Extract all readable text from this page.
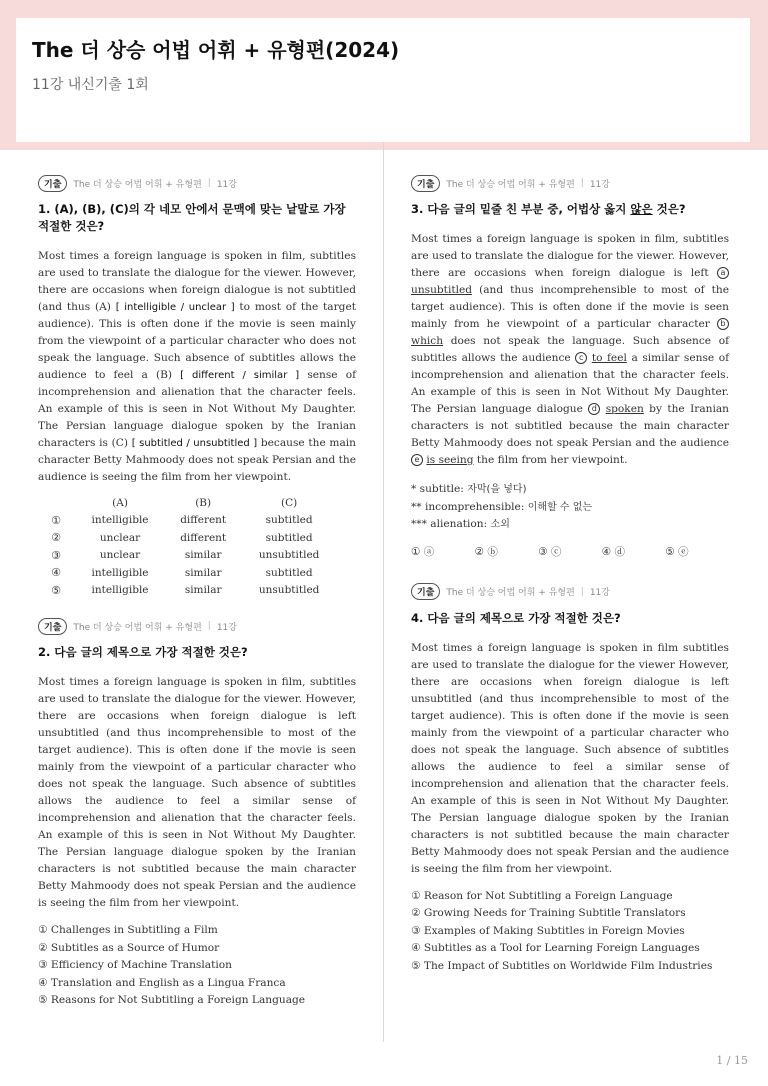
The 더 상승 어법 어휘 + 유형편(2024)
11강 내신기출 1회
기출	The 더 상승 어법 어휘 + 유형편 | 11강
1. (A), (B), (C)의 각 네모 안에서 문맥에 맞는 낱말로 가장 적절한 것은?
Most times a foreign language is spoken in film, subtitles are used to translate the dialogue for the viewer. However, there are occasions when foreign dialogue is not subtitled (and thus (A) [ intelligible / unclear ] to most of the target audience). This is often done if the movie is seen mainly from the viewpoint of a particular character who does not speak the language. Such absence of subtitles allows the audience to feel a (B) [ different / similar ] sense of incomprehension and alienation that the character feels. An example of this is seen in Not Without My Daughter. The Persian language dialogue spoken by the Iranian characters is (C) [ subtitled / unsubtitled ] because the main character Betty Mahmoody does not speak Persian and the audience is seeing the film from her viewpoint.
	(A)	(B)	(C)
①	intelligible	different	subtitled
②	unclear	different	subtitled
③	unclear	similar	unsubtitled
④	intelligible	similar	subtitled
⑤	intelligible	similar	unsubtitled
기출	The 더 상승 어법 어휘 + 유형편 | 11강
2. 다음 글의 제목으로 가장 적절한 것은?
Most times a foreign language is spoken in film, subtitles are used to translate the dialogue for the viewer. However, there are occasions when foreign dialogue is left unsubtitled (and thus incomprehensible to most of the target audience). This is often done if the movie is seen mainly from the viewpoint of a particular character who does not speak the language. Such absence of subtitles allows the audience to feel a similar sense of incomprehension and alienation that the character feels. An example of this is seen in Not Without My Daughter. The Persian language dialogue spoken by the Iranian characters is not subtitled because the main character Betty Mahmoody does not speak Persian and the audience is seeing the film from her viewpoint.
① Challenges in Subtitling a Film
② Subtitles as a Source of Humor
③ Efficiency of Machine Translation
④ Translation and English as a Lingua Franca
⑤ Reasons for Not Subtitling a Foreign Language
기출	The 더 상승 어법 어휘 + 유형편 | 11강
3. 다음 글의 밑줄 친 부분 중, 어법상 옳지 않은 것은?
Most times a foreign language is spoken in film, subtitles are used to translate the dialogue for the viewer. However, there are occasions when foreign dialogue is left a unsubtitled (and thus incomprehensible to most of the target audience). This is often done if the movie is seen mainly from he viewpoint of a particular character b which does not speak the language. Such absence of subtitles allows the audience c to feel a similar sense of incomprehension and alienation that the character feels. An example of this is seen in Not Without My Daughter. The Persian language dialogue d spoken by the Iranian characters is not subtitled because the main character Betty Mahmoody does not speak Persian and the audience e is seeing the film from her viewpoint.
* subtitle: 자막(을 넣다)
** incomprehensible: 이해할 수 없는
*** alienation: 소외
① ⓐ	② ⓑ	③ ⓒ	④ ⓓ	⑤ ⓔ
기출	The 더 상승 어법 어휘 + 유형편 | 11강
4. 다음 글의 제목으로 가장 적절한 것은?
Most times a foreign language is spoken in film subtitles are used to translate the dialogue for the viewer However, there are occasions when foreign dialogue is left unsubtitled (and thus incomprehensible to most of the target audience). This is often done if the movie is seen mainly from the viewpoint of a particular character who does not speak the language. Such absence of subtitles allows the audience to feel a similar sense of incomprehension and alienation that the character feels. An example of this is seen in Not Without My Daughter. The Persian language dialogue spoken by the Iranian characters is not subtitled because the main character Betty Mahmoody does not speak Persian and the audience is seeing the film from her viewpoint.
① Reason for Not Subtitling a Foreign Language
② Growing Needs for Training Subtitle Translators
③ Examples of Making Subtitles in Foreign Movies
④ Subtitles as a Tool for Learning Foreign Languages
⑤ The Impact of Subtitles on Worldwide Film Industries
1 / 15
